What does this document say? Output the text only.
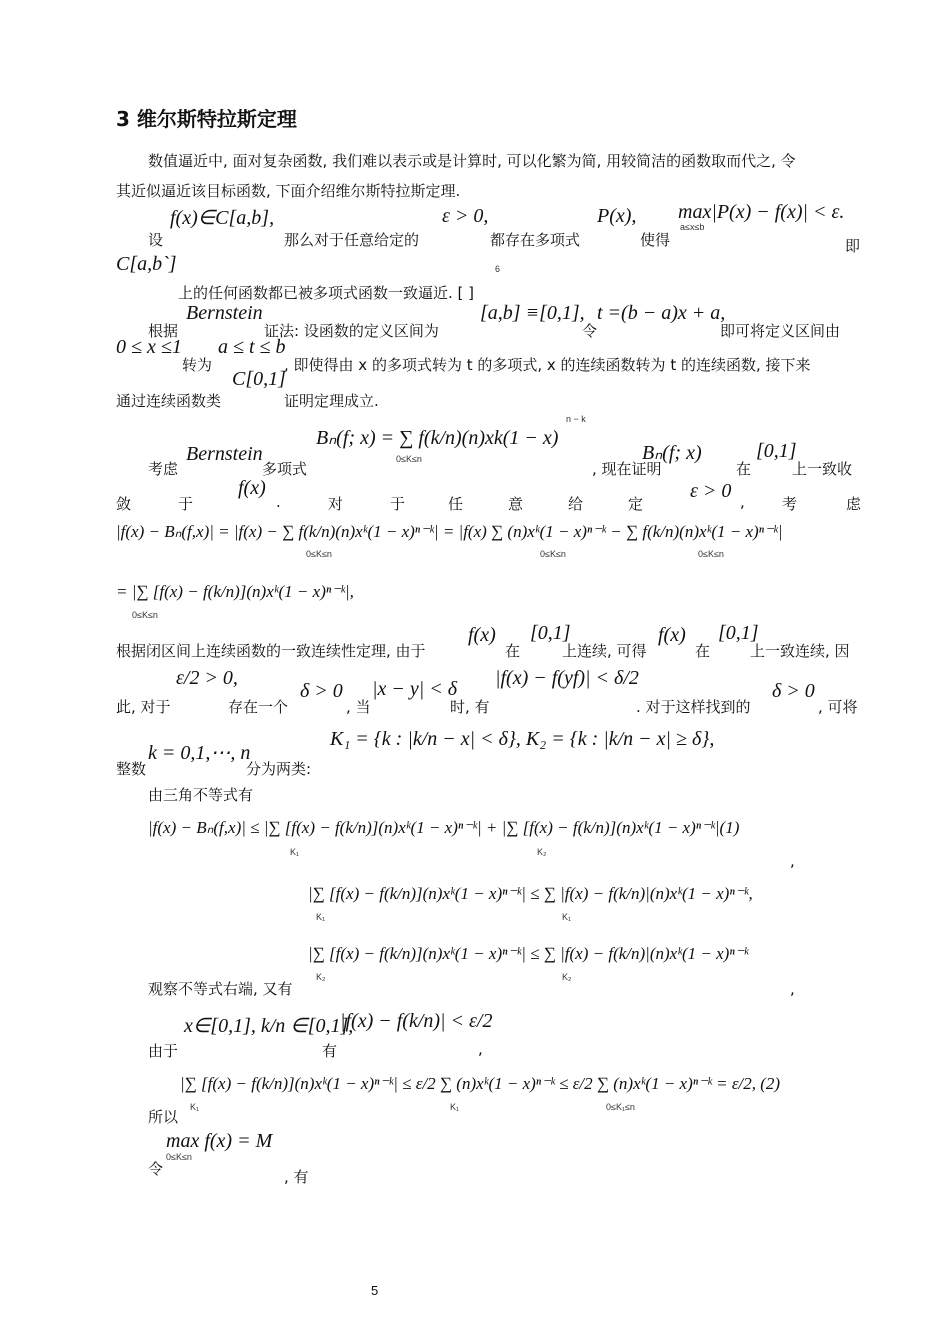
3 维尔斯特拉斯定理
数值逼近中, 面对复杂函数, 我们难以表示或是计算时, 可以化繁为简, 用较简洁的函数取而代之, 令
其近似逼近该目标函数, 下面介绍维尔斯特拉斯定理.
f(x)∈C[a,b],	ε > 0,	P(x), max|P(x) − f(x)| < ε.
a≤x≤b
设	那么对于任意给定的	都存在多项式	使得	即
C[a,b`]	6
上的任何函数都已被多项式函数一致逼近. [ ]
Bernstein	[a,b] ≡[0,1], t =(b − a)x + a,
根据	证法: 设函数的定义区间为	令	即可将定义区间由
0 ≤ x ≤1 a ≤ t ≤ b
转为	, 即使得由 x 的多项式转为 t 的多项式, x 的连续函数转为 t 的连续函数, 接下来
C[0,1]
通过连续函数类	证明定理成立.
Bₙ(f; x) = ∑ f(k/n)(n)xk(1 − x)
0≤K≤n
n − k
Bernstein	Bₙ(f; x)	[0,1]
考虑	多项式	, 现在证明	在	上一致收
f(x)	ε > 0
敛	于	.	对	于	任	意	给	定	, 考	虑
|f(x) − Bₙ(f,x)| = |f(x) − ∑ f(k/n)(n)xᵏ(1 − x)ⁿ⁻ᵏ| = |f(x) ∑ (n)xᵏ(1 − x)ⁿ⁻ᵏ − ∑ f(k/n)(n)xᵏ(1 − x)ⁿ⁻ᵏ|
0≤K≤n	0≤K≤n	0≤K≤n
= |∑ [f(x) − f(k/n)](n)xᵏ(1 − x)ⁿ⁻ᵏ|,
0≤K≤n
f(x) [0,1]	f(x) [0,1]
根据闭区间上连续函数的一致连续性定理, 由于	在	上连续, 可得	在	上一致连续, 因
ε/2 > 0,
δ > 0 |x − y| < δ |f(x) − f(yf)| < δ/2
δ > 0
此, 对于	存在一个	, 当	时, 有	. 对于这样找到的	, 可将
K₁ = {k : |k/n − x| < δ}, K₂ = {k : |k/n − x| ≥ δ},
k = 0,1,⋯, n
整数	分为两类:
由三角不等式有
|f(x) − Bₙ(f,x)| ≤ |∑ [f(x) − f(k/n)](n)xᵏ(1 − x)ⁿ⁻ᵏ| + |∑ [f(x) − f(k/n)](n)xᵏ(1 − x)ⁿ⁻ᵏ|(1)
K₁	K₂	,
|∑ [f(x) − f(k/n)](n)xᵏ(1 − x)ⁿ⁻ᵏ| ≤ ∑ |f(x) − f(k/n)|(n)xᵏ(1 − x)ⁿ⁻ᵏ,
K₁	K₁
|∑ [f(x) − f(k/n)](n)xᵏ(1 − x)ⁿ⁻ᵏ| ≤ ∑ |f(x) − f(k/n)|(n)xᵏ(1 − x)ⁿ⁻ᵏ
K₂	K₂
观察不等式右端, 又有	,
x∈[0,1], k/n ∈[0,1],
|f(x) − f(k/n)| < ε/2
由于	有	,
|∑ [f(x) − f(k/n)](n)xᵏ(1 − x)ⁿ⁻ᵏ| ≤ ε/2 ∑ (n)xᵏ(1 − x)ⁿ⁻ᵏ ≤ ε/2 ∑ (n)xᵏ(1 − x)ⁿ⁻ᵏ = ε/2, (2)
K₁	K₁	0≤K₁≤n
所以
max f(x) = M
0≤K≤n
令	, 有
5
